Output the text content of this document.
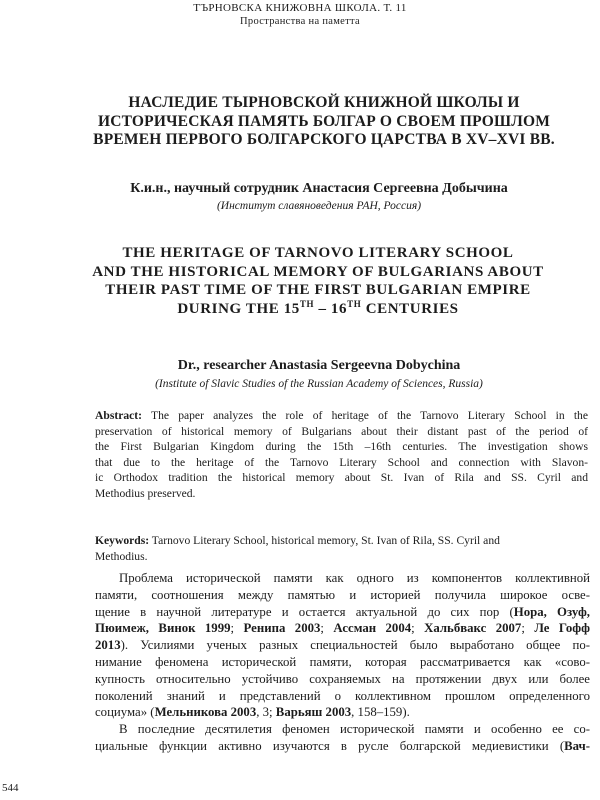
ТЪРНОВСКА КНИЖОВНА ШКОЛА. Т. 11
Пространства на паметта
НАСЛЕДИЕ ТЫРНОВСКОЙ КНИЖНОЙ ШКОЛЫ И
ИСТОРИЧЕСКАЯ ПАМЯТЬ БОЛГАР О СВОЕМ ПРОШЛОМ
ВРЕМЕН ПЕРВОГО БОЛГАРСКОГО ЦАРСТВА В XV–XVI ВВ.
К.и.н., научный сотрудник Анастасия Сергеевна Добычина
(Институт славяноведения РАН, Россия)
THE HERITAGE OF TARNOVO LITERARY SCHOOL
AND THE HISTORICAL MEMORY OF BULGARIANS ABOUT
THEIR PAST TIME OF THE FIRST BULGARIAN EMPIRE
DURING THE 15TH – 16TH CENTURIES
Dr., researcher Anastasia Sergeevna Dobychina
(Institute of Slavic Studies of the Russian Academy of Sciences, Russia)
Abstract: The paper analyzes the role of heritage of the Tarnovo Literary School in the
preservation of historical memory of Bulgarians about their distant past of the period of
the First Bulgarian Kingdom during the 15th –16th centuries. The investigation shows
that due to the heritage of the Tarnovo Literary School and connection with Slavon-
ic Orthodox tradition the historical memory about St. Ivan of Rila and SS. Cyril and
Methodius preserved.
Keywords: Tarnovo Literary School, historical memory, St. Ivan of Rila, SS. Cyril and
Methodius.
Проблема исторической памяти как одного из компонентов коллективной
памяти, соотношения между памятью и историей получила широкое осве-
щение в научной литературе и остается актуальной до сих пор (Нора, Озуф,
Пюимеж, Винок 1999; Ренипа 2003; Ассман 2004; Хальбвакс 2007; Ле Гофф
2013). Усилиями ученых разных специальностей было выработано общее по-
нимание феномена исторической памяти, которая рассматривается как «сово-
купность относительно устойчиво сохраняемых на протяжении двух или более
поколений знаний и представлений о коллективном прошлом определенного
социума» (Мельникова 2003, 3; Варьяш 2003, 158–159).
В последние десятилетия феномен исторической памяти и особенно ее со-
циальные функции активно изучаются в русле болгарской медиевистики (Вач-
544
